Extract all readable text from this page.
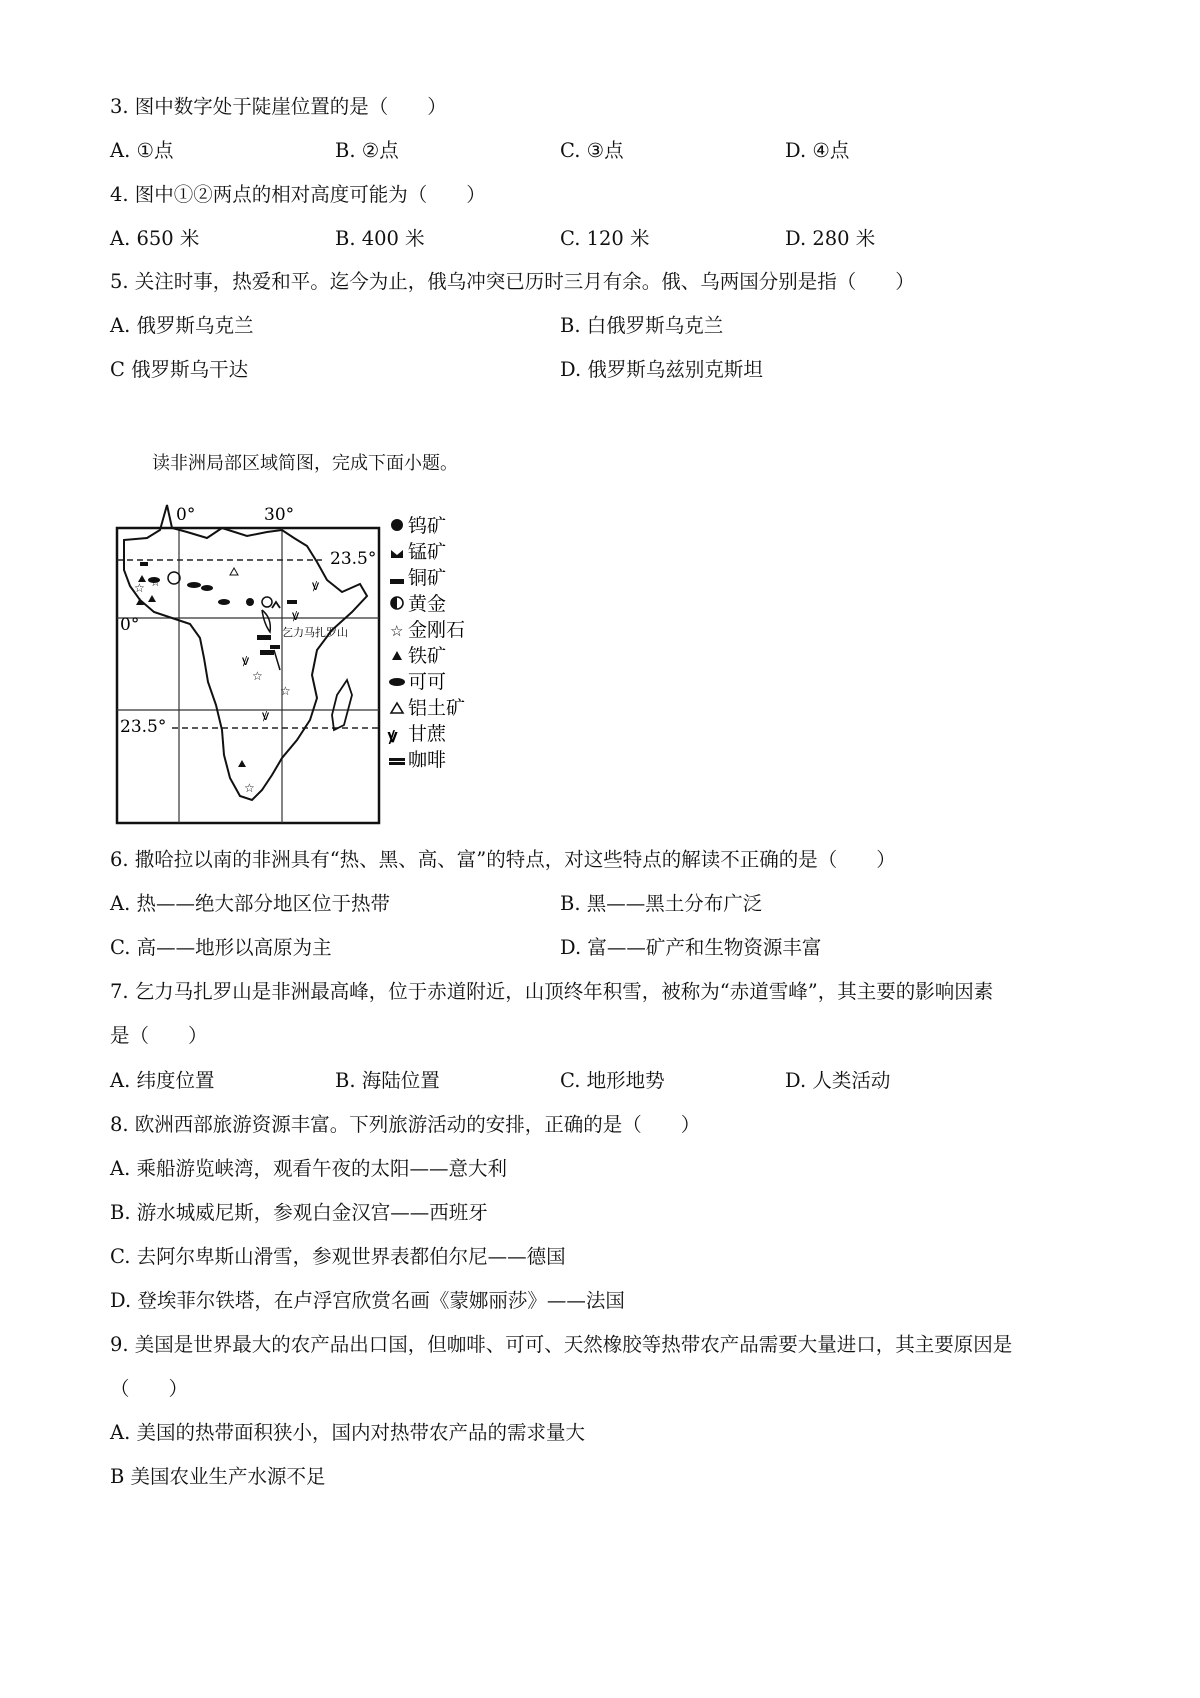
3. 图中数字处于陡崖位置的是（　　）
A. ①点	B. ②点	C. ③点	D. ④点
4. 图中①②两点的相对高度可能为（　　）
A. 650 米	B. 400 米	C. 120 米	D. 280 米
5. 关注时事，热爱和平。迄今为止，俄乌冲突已历时三月有余。俄、乌两国分别是指（　　）
A. 俄罗斯乌克兰	B. 白俄罗斯乌克兰
C 俄罗斯乌干达	D. 俄罗斯乌兹别克斯坦
读非洲局部区域简图，完成下面小题。
0°	30°
23.5°
0°
23.5°
☆ ☆
ꝟ
ꝟ
ꝟ
ꝟ
☆
☆
☆
乞力马扎罗山
钨矿
锰矿
铜矿
黄金
☆ 金刚石
铁矿
可可
铝土矿
ꝟ 甘蔗
咖啡
6. 撒哈拉以南的非洲具有“热、黑、高、富”的特点，对这些特点的解读不正确的是（　　）
A. 热——绝大部分地区位于热带	B. 黑——黑土分布广泛
C. 高——地形以高原为主	D. 富——矿产和生物资源丰富
7. 乞力马扎罗山是非洲最高峰，位于赤道附近，山顶终年积雪，被称为“赤道雪峰”，其主要的影响因素
是（　　）
A. 纬度位置	B. 海陆位置	C. 地形地势	D. 人类活动
8. 欧洲西部旅游资源丰富。下列旅游活动的安排，正确的是（　　）
A. 乘船游览峡湾，观看午夜的太阳——意大利
B. 游水城威尼斯，参观白金汉宫——西班牙
C. 去阿尔卑斯山滑雪，参观世界表都伯尔尼——德国
D. 登埃菲尔铁塔，在卢浮宫欣赏名画《蒙娜丽莎》——法国
9. 美国是世界最大的农产品出口国，但咖啡、可可、天然橡胶等热带农产品需要大量进口，其主要原因是
（　　）
A. 美国的热带面积狭小，国内对热带农产品的需求量大
B 美国农业生产水源不足
